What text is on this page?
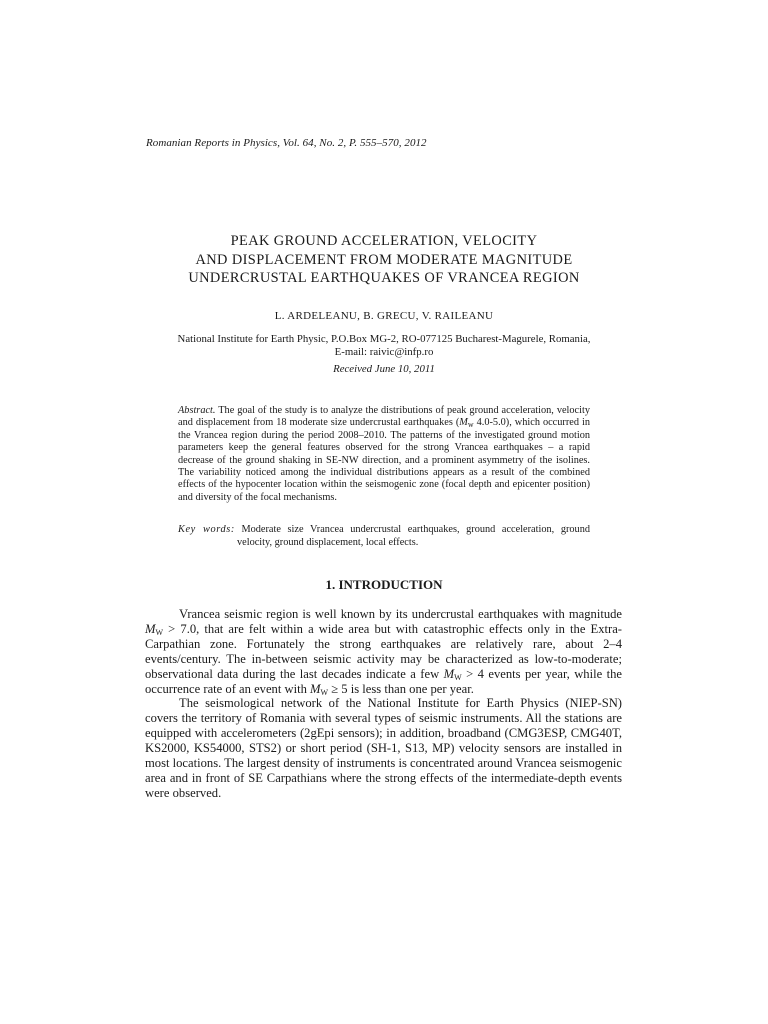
Romanian Reports in Physics, Vol. 64, No. 2, P. 555–570, 2012
PEAK GROUND ACCELERATION, VELOCITY
AND DISPLACEMENT FROM MODERATE MAGNITUDE
UNDERCRUSTAL EARTHQUAKES OF VRANCEA REGION
L. ARDELEANU, B. GRECU, V. RAILEANU
National Institute for Earth Physic, P.O.Box MG-2, RO-077125 Bucharest-Magurele, Romania,
E-mail: raivic@infp.ro
Received June 10, 2011
Abstract. The goal of the study is to analyze the distributions of peak ground acceleration, velocity and displacement from 18 moderate size undercrustal earthquakes ($M_w$ 4.0-5.0), which occurred in the Vrancea region during the period 2008–2010. The patterns of the investigated ground motion parameters keep the general features observed for the strong Vrancea earthquakes – a rapid decrease of the ground shaking in SE-NW direction, and a prominent asymmetry of the isolines. The variability noticed among the individual distributions appears as a result of the combined effects of the hypocenter location within the seismogenic zone (focal depth and epicenter position) and diversity of the focal mechanisms.
Key words: Moderate size Vrancea undercrustal earthquakes, ground acceleration, ground velocity, ground displacement, local effects.
1. INTRODUCTION

Vrancea seismic region is well known by its undercrustal earthquakes with magnitude $M_W > 7.0$, that are felt within a wide area but with catastrophic effects only in the Extra-Carpathian zone. Fortunately the strong earthquakes are relatively rare, about 2–4 events/century. The in-between seismic activity may be characterized as low-to-moderate; observational data during the last decades indicate a few $M_W > 4$ events per year, while the occurrence rate of an event with $M_W \ge 5$ is less than one per year.

The seismological network of the National Institute for Earth Physics (NIEP-SN) covers the territory of Romania with several types of seismic instruments. All the stations are equipped with accelerometers (2gEpi sensors); in addition, broadband (CMG3ESP, CMG40T, KS2000, KS54000, STS2) or short period (SH-1, S13, MP) velocity sensors are installed in most locations. The largest density of instruments is concentrated around Vrancea seismogenic area and in front of SE Carpathians where the strong effects of the intermediate-depth events were observed.
